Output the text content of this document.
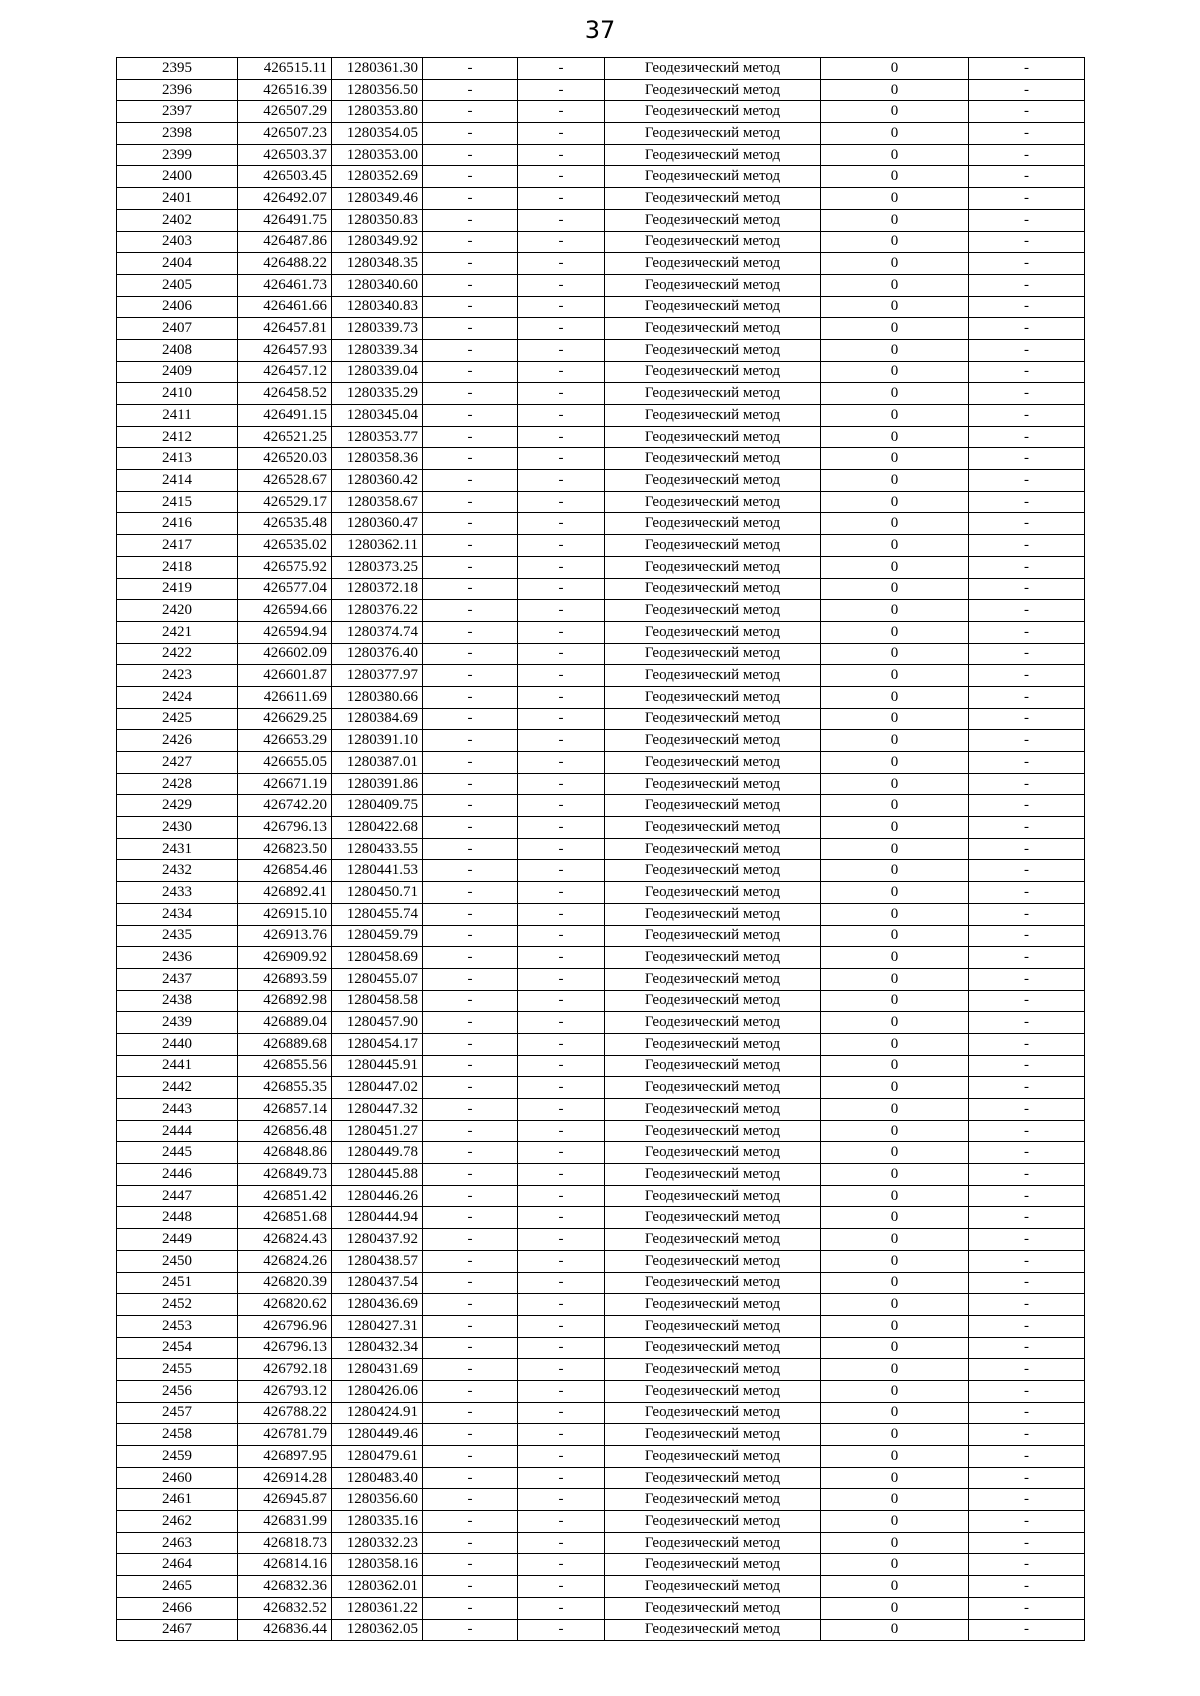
37
2395	426515.11	1280361.30	-	-	Геодезический метод	0	-
2396	426516.39	1280356.50	-	-	Геодезический метод	0	-
2397	426507.29	1280353.80	-	-	Геодезический метод	0	-
2398	426507.23	1280354.05	-	-	Геодезический метод	0	-
2399	426503.37	1280353.00	-	-	Геодезический метод	0	-
2400	426503.45	1280352.69	-	-	Геодезический метод	0	-
2401	426492.07	1280349.46	-	-	Геодезический метод	0	-
2402	426491.75	1280350.83	-	-	Геодезический метод	0	-
2403	426487.86	1280349.92	-	-	Геодезический метод	0	-
2404	426488.22	1280348.35	-	-	Геодезический метод	0	-
2405	426461.73	1280340.60	-	-	Геодезический метод	0	-
2406	426461.66	1280340.83	-	-	Геодезический метод	0	-
2407	426457.81	1280339.73	-	-	Геодезический метод	0	-
2408	426457.93	1280339.34	-	-	Геодезический метод	0	-
2409	426457.12	1280339.04	-	-	Геодезический метод	0	-
2410	426458.52	1280335.29	-	-	Геодезический метод	0	-
2411	426491.15	1280345.04	-	-	Геодезический метод	0	-
2412	426521.25	1280353.77	-	-	Геодезический метод	0	-
2413	426520.03	1280358.36	-	-	Геодезический метод	0	-
2414	426528.67	1280360.42	-	-	Геодезический метод	0	-
2415	426529.17	1280358.67	-	-	Геодезический метод	0	-
2416	426535.48	1280360.47	-	-	Геодезический метод	0	-
2417	426535.02	1280362.11	-	-	Геодезический метод	0	-
2418	426575.92	1280373.25	-	-	Геодезический метод	0	-
2419	426577.04	1280372.18	-	-	Геодезический метод	0	-
2420	426594.66	1280376.22	-	-	Геодезический метод	0	-
2421	426594.94	1280374.74	-	-	Геодезический метод	0	-
2422	426602.09	1280376.40	-	-	Геодезический метод	0	-
2423	426601.87	1280377.97	-	-	Геодезический метод	0	-
2424	426611.69	1280380.66	-	-	Геодезический метод	0	-
2425	426629.25	1280384.69	-	-	Геодезический метод	0	-
2426	426653.29	1280391.10	-	-	Геодезический метод	0	-
2427	426655.05	1280387.01	-	-	Геодезический метод	0	-
2428	426671.19	1280391.86	-	-	Геодезический метод	0	-
2429	426742.20	1280409.75	-	-	Геодезический метод	0	-
2430	426796.13	1280422.68	-	-	Геодезический метод	0	-
2431	426823.50	1280433.55	-	-	Геодезический метод	0	-
2432	426854.46	1280441.53	-	-	Геодезический метод	0	-
2433	426892.41	1280450.71	-	-	Геодезический метод	0	-
2434	426915.10	1280455.74	-	-	Геодезический метод	0	-
2435	426913.76	1280459.79	-	-	Геодезический метод	0	-
2436	426909.92	1280458.69	-	-	Геодезический метод	0	-
2437	426893.59	1280455.07	-	-	Геодезический метод	0	-
2438	426892.98	1280458.58	-	-	Геодезический метод	0	-
2439	426889.04	1280457.90	-	-	Геодезический метод	0	-
2440	426889.68	1280454.17	-	-	Геодезический метод	0	-
2441	426855.56	1280445.91	-	-	Геодезический метод	0	-
2442	426855.35	1280447.02	-	-	Геодезический метод	0	-
2443	426857.14	1280447.32	-	-	Геодезический метод	0	-
2444	426856.48	1280451.27	-	-	Геодезический метод	0	-
2445	426848.86	1280449.78	-	-	Геодезический метод	0	-
2446	426849.73	1280445.88	-	-	Геодезический метод	0	-
2447	426851.42	1280446.26	-	-	Геодезический метод	0	-
2448	426851.68	1280444.94	-	-	Геодезический метод	0	-
2449	426824.43	1280437.92	-	-	Геодезический метод	0	-
2450	426824.26	1280438.57	-	-	Геодезический метод	0	-
2451	426820.39	1280437.54	-	-	Геодезический метод	0	-
2452	426820.62	1280436.69	-	-	Геодезический метод	0	-
2453	426796.96	1280427.31	-	-	Геодезический метод	0	-
2454	426796.13	1280432.34	-	-	Геодезический метод	0	-
2455	426792.18	1280431.69	-	-	Геодезический метод	0	-
2456	426793.12	1280426.06	-	-	Геодезический метод	0	-
2457	426788.22	1280424.91	-	-	Геодезический метод	0	-
2458	426781.79	1280449.46	-	-	Геодезический метод	0	-
2459	426897.95	1280479.61	-	-	Геодезический метод	0	-
2460	426914.28	1280483.40	-	-	Геодезический метод	0	-
2461	426945.87	1280356.60	-	-	Геодезический метод	0	-
2462	426831.99	1280335.16	-	-	Геодезический метод	0	-
2463	426818.73	1280332.23	-	-	Геодезический метод	0	-
2464	426814.16	1280358.16	-	-	Геодезический метод	0	-
2465	426832.36	1280362.01	-	-	Геодезический метод	0	-
2466	426832.52	1280361.22	-	-	Геодезический метод	0	-
2467	426836.44	1280362.05	-	-	Геодезический метод	0	-
